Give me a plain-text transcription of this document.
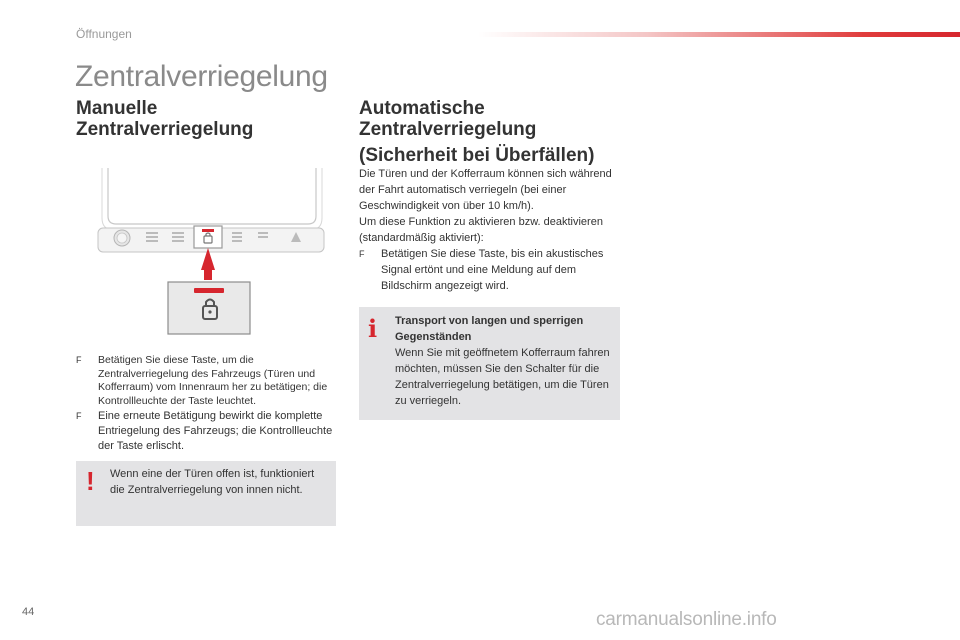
Öffnungen
Zentralverriegelung
Manuelle
Zentralverriegelung
F Betätigen Sie diese Taste, um die Zentralverriegelung des Fahrzeugs (Türen und Kofferraum) vom Innenraum her zu betätigen; die Kontrollleuchte der Taste leuchtet.
F Eine erneute Betätigung bewirkt die komplette Entriegelung des Fahrzeugs; die Kontrollleuchte der Taste erlischt.
! Wenn eine der Türen offen ist, funktioniert die Zentralverriegelung von innen nicht.
Automatische
Zentralverriegelung
(Sicherheit bei Überfällen)
Die Türen und der Kofferraum können sich während der Fahrt automatisch verriegeln (bei einer Geschwindigkeit von über 10 km/h).
Um diese Funktion zu aktivieren bzw. deaktivieren (standardmäßig aktiviert):
F Betätigen Sie diese Taste, bis ein akustisches Signal ertönt und eine Meldung auf dem Bildschirm angezeigt wird.
i Transport von langen und sperrigen Gegenständen
Wenn Sie mit geöffnetem Kofferraum fahren möchten, müssen Sie den Schalter für die Zentralverriegelung betätigen, um die Türen zu verriegeln.
44	carmanualsonline.info
